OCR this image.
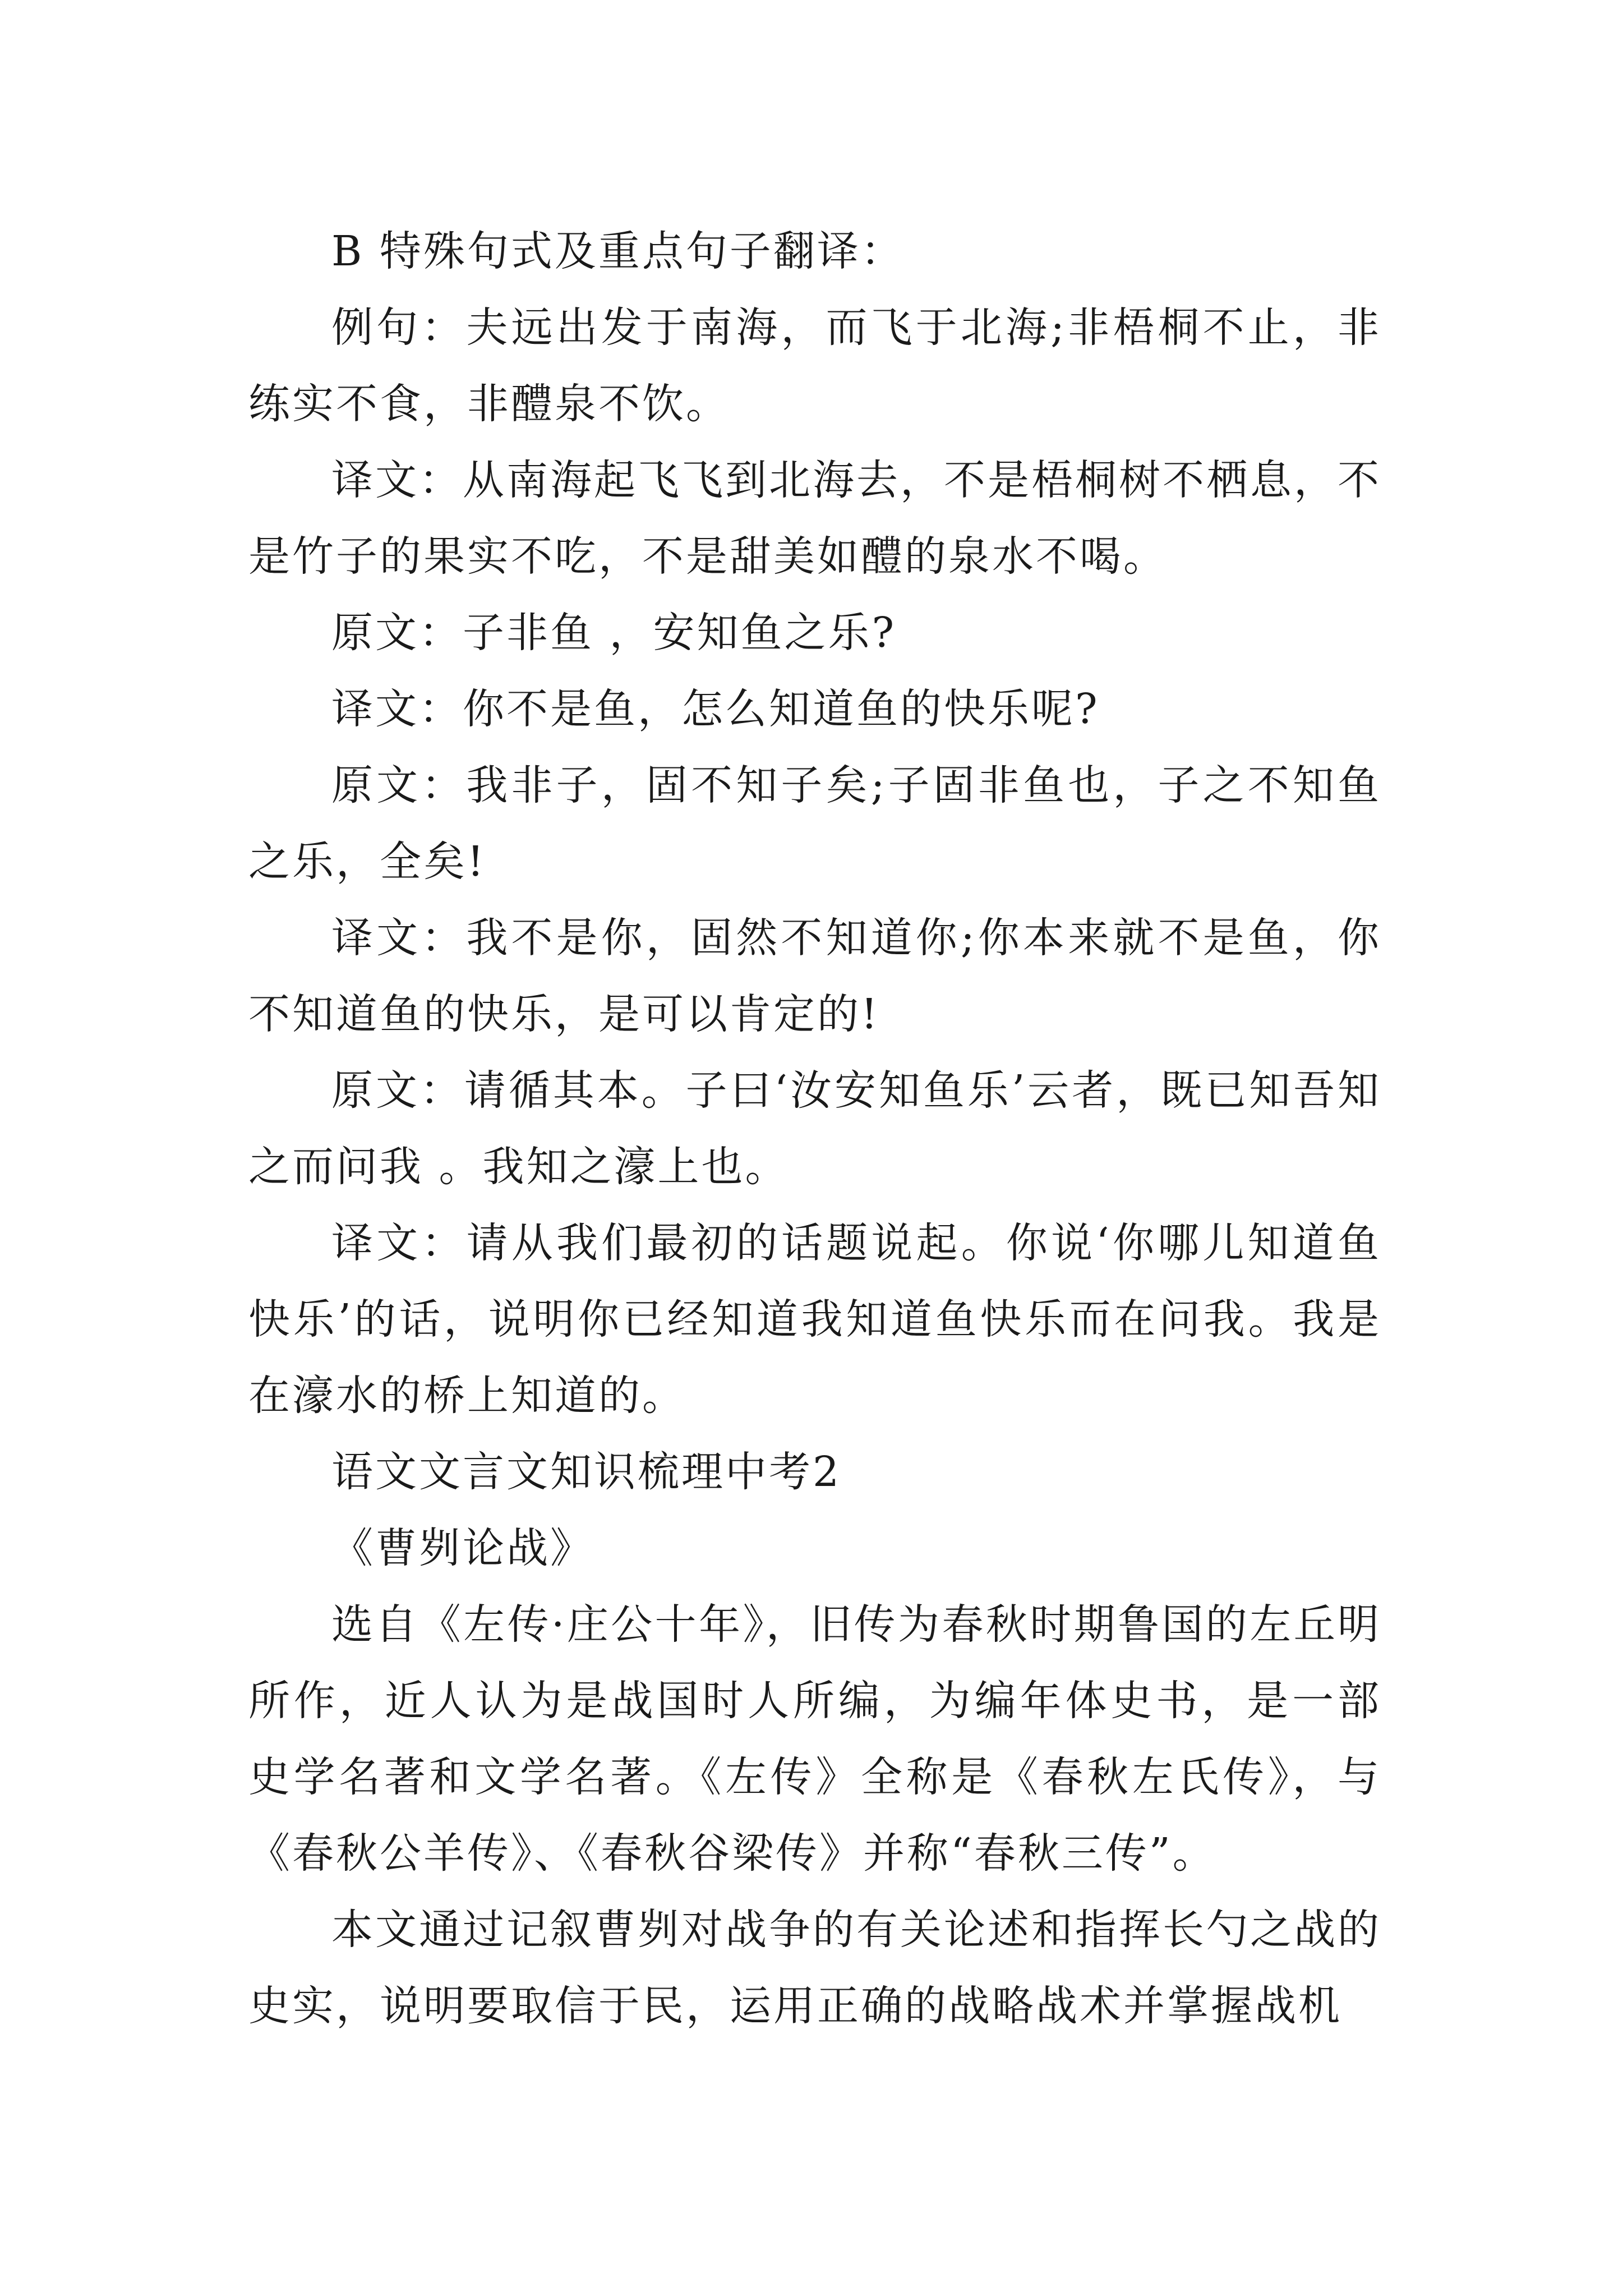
B 特殊句式及重点句子翻译：

例句：夫远出发于南海，而飞于北海;非梧桐不止，非练实不食，非醴泉不饮。

译文：从南海起飞飞到北海去，不是梧桐树不栖息，不是竹子的果实不吃，不是甜美如醴的泉水不喝。

原文：子非鱼 ，安知鱼之乐?

译文：你不是鱼，怎么知道鱼的快乐呢?

原文：我非子，固不知子矣;子固非鱼也，子之不知鱼之乐，全矣!

译文：我不是你，固然不知道你;你本来就不是鱼，你不知道鱼的快乐，是可以肯定的!

原文：请循其本。子曰‘汝安知鱼乐’云者，既已知吾知之而问我 。我知之濠上也。

译文：请从我们最初的话题说起。你说‘你哪儿知道鱼快乐’的话，说明你已经知道我知道鱼快乐而在问我。我是在濠水的桥上知道的。

语文文言文知识梳理中考2

《曹刿论战》

选自《左传·庄公十年》，旧传为春秋时期鲁国的左丘明所作，近人认为是战国时人所编，为编年体史书，是一部史学名著和文学名著。《左传》全称是《春秋左氏传》，与《春秋公羊传》、《春秋谷梁传》并称“春秋三传”。

本文通过记叙曹刿对战争的有关论述和指挥长勺之战的史实，说明要取信于民，运用正确的战略战术并掌握战机
